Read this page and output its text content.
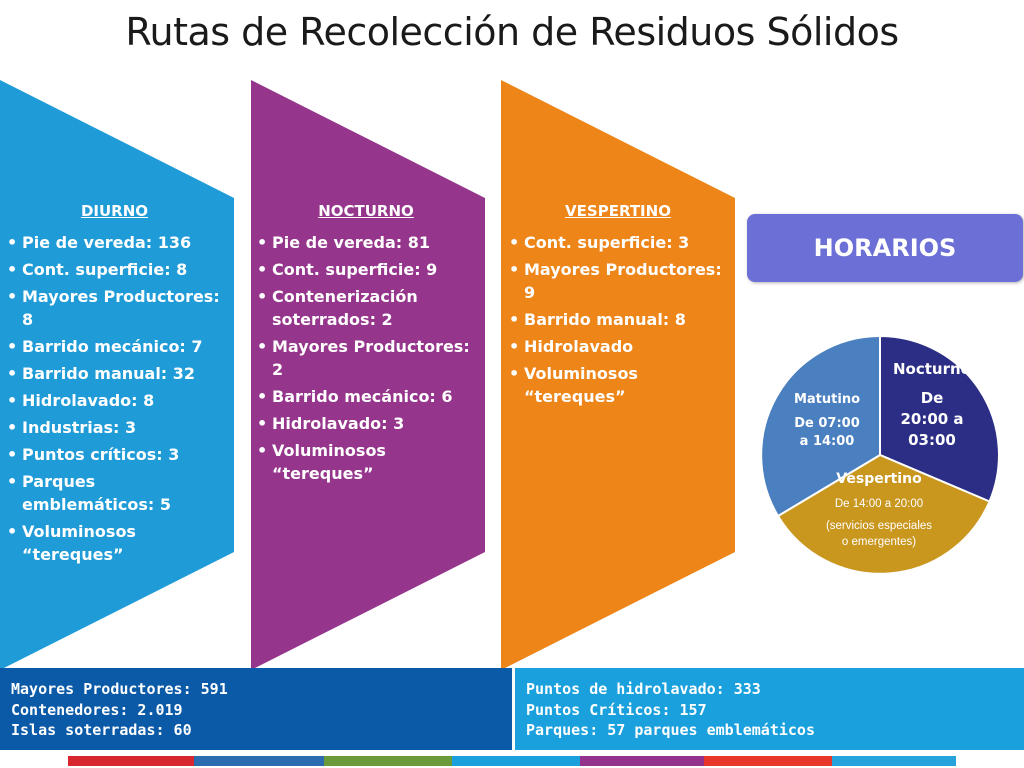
Rutas de Recolección de Residuos Sólidos
DIURNO
• Pie de vereda: 136
• Cont. superficie: 8
• Mayores Productores: 8
• Barrido mecánico: 7
• Barrido manual: 32
• Hidrolavado: 8
• Industrias: 3
• Puntos críticos: 3
• Parques emblemáticos: 5
• Voluminosos “tereques”
NOCTURNO
• Pie de vereda: 81
• Cont. superficie: 9
• Contenerización soterrados: 2
• Mayores Productores: 2
• Barrido mecánico: 6
• Hidrolavado: 3
• Voluminosos “tereques”
VESPERTINO
• Cont. superficie: 3
• Mayores Productores: 9
• Barrido manual: 8
• Hidrolavado
• Voluminosos “tereques”
HORARIOS
Matutino
De 07:00 a 14:00
Nocturno
De 20:00 a 03:00
Vespertino
De 14:00 a 20:00
(servicios especiales o emergentes)
Mayores Productores: 591
Contenedores: 2.019
Islas soterradas: 60
Puntos de hidrolavado: 333
Puntos Críticos: 157
Parques: 57 parques emblemáticos
